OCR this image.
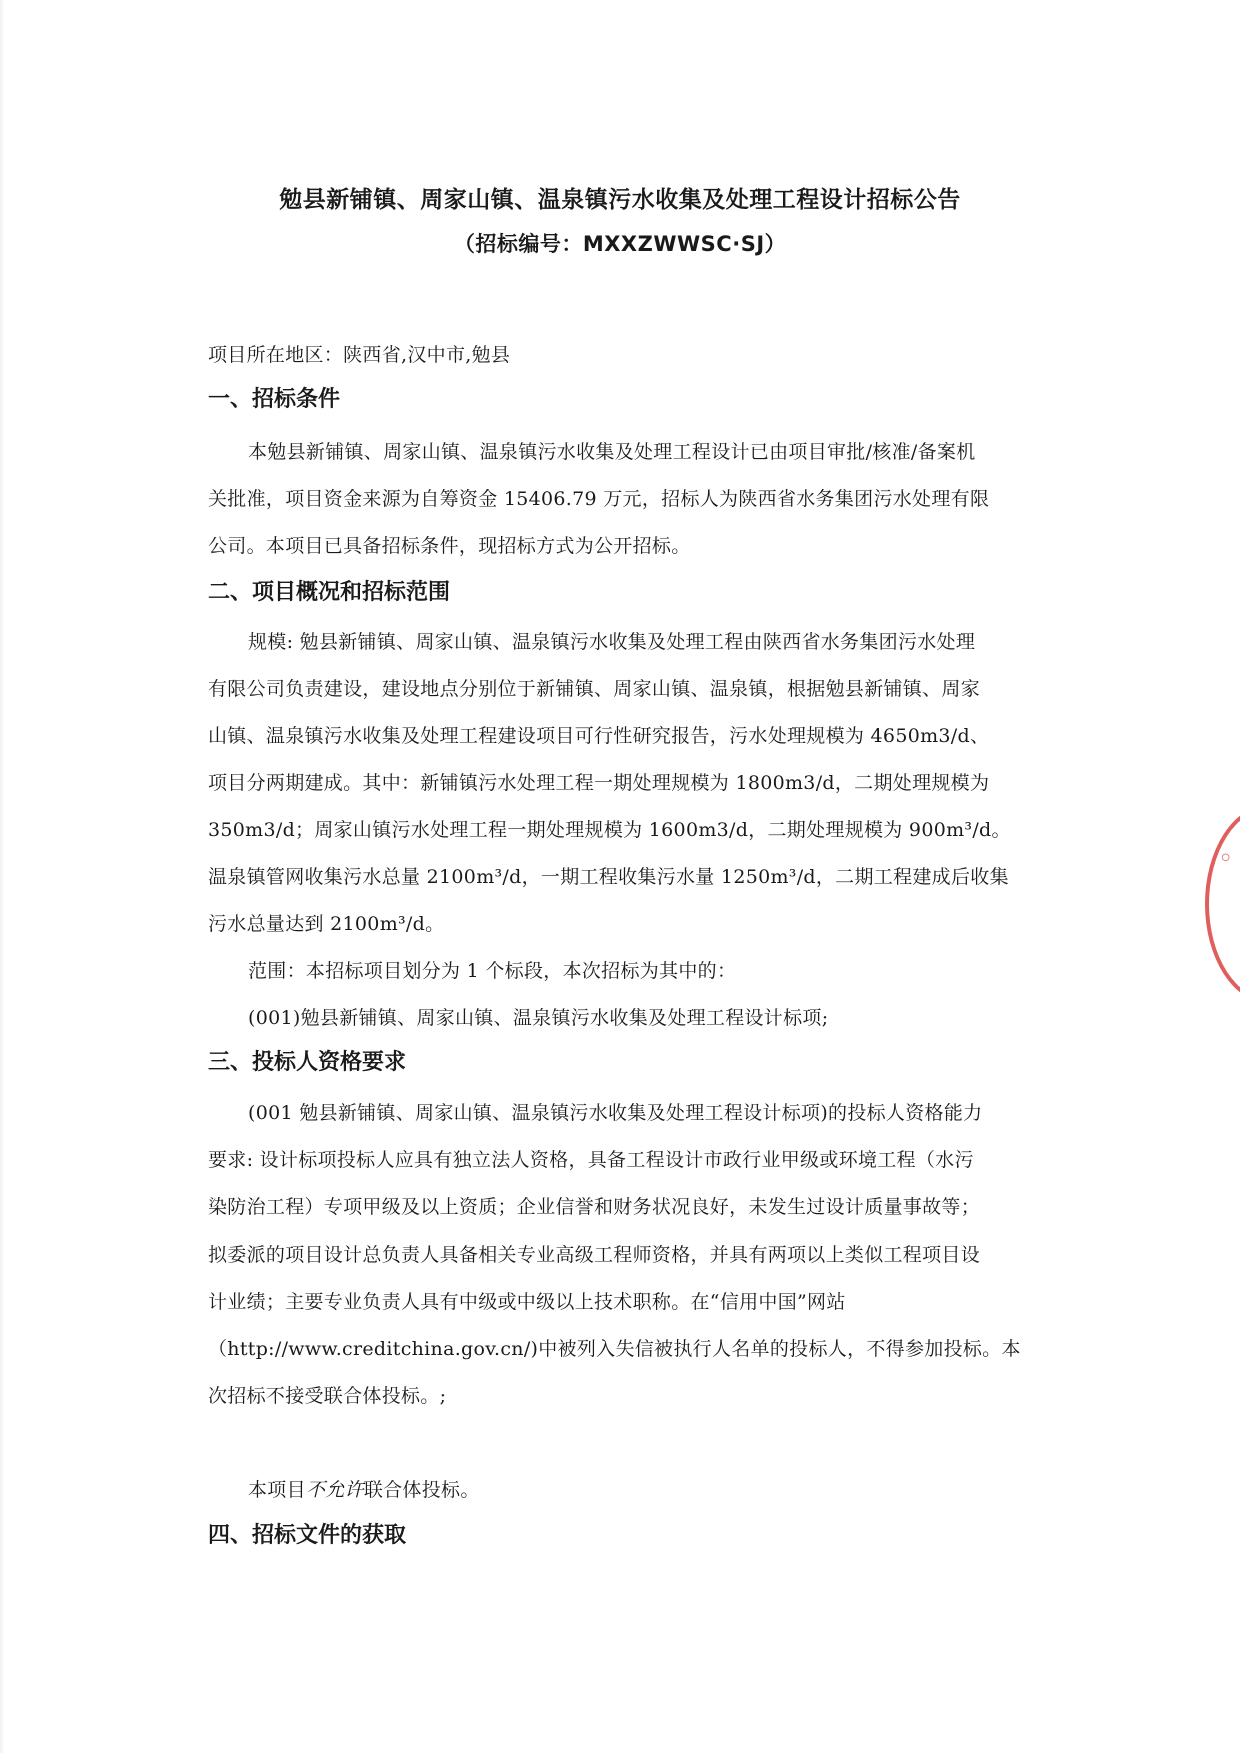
勉县新铺镇、周家山镇、温泉镇污水收集及处理工程设计招标公告
（招标编号：MXXZWWSC·SJ）
项目所在地区：陕西省,汉中市,勉县
一、招标条件
本勉县新铺镇、周家山镇、温泉镇污水收集及处理工程设计已由项目审批/核准/备案机
关批准，项目资金来源为自筹资金 15406.79 万元，招标人为陕西省水务集团污水处理有限
公司。本项目已具备招标条件，现招标方式为公开招标。
二、项目概况和招标范围
规模: 勉县新铺镇、周家山镇、温泉镇污水收集及处理工程由陕西省水务集团污水处理
有限公司负责建设，建设地点分别位于新铺镇、周家山镇、温泉镇，根据勉县新铺镇、周家
山镇、温泉镇污水收集及处理工程建设项目可行性研究报告，污水处理规模为 4650m3/d、
项目分两期建成。其中：新铺镇污水处理工程一期处理规模为 1800m3/d，二期处理规模为
350m3/d；周家山镇污水处理工程一期处理规模为 1600m3/d，二期处理规模为 900m³/d。
温泉镇管网收集污水总量 2100m³/d，一期工程收集污水量 1250m³/d，二期工程建成后收集
污水总量达到 2100m³/d。
范围：本招标项目划分为 1 个标段，本次招标为其中的：
(001)勉县新铺镇、周家山镇、温泉镇污水收集及处理工程设计标项;
三、投标人资格要求
(001 勉县新铺镇、周家山镇、温泉镇污水收集及处理工程设计标项)的投标人资格能力
要求: 设计标项投标人应具有独立法人资格，具备工程设计市政行业甲级或环境工程（水污
染防治工程）专项甲级及以上资质；企业信誉和财务状况良好，未发生过设计质量事故等；
拟委派的项目设计总负责人具备相关专业高级工程师资格，并具有两项以上类似工程项目设
计业绩；主要专业负责人具有中级或中级以上技术职称。在“信用中国”网站
（http://www.creditchina.gov.cn/)中被列入失信被执行人名单的投标人，不得参加投标。本
次招标不接受联合体投标。;
本项目不允许联合体投标。
四、招标文件的获取
◦
